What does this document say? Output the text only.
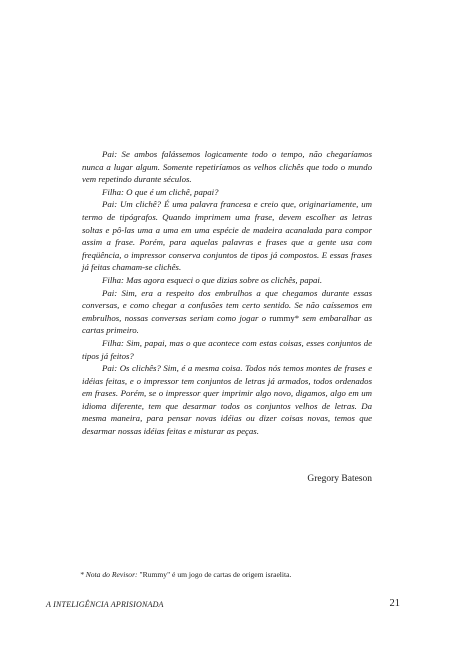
Pai: Se ambos falássemos logicamente todo o tempo, não chegaríamos nunca a lugar algum. Somente repetiríamos os velhos clichês que todo o mundo vem repetindo durante séculos.

Filha: O que é um clichê, papai?

Pai: Um clichê? É uma palavra francesa e creio que, originariamente, um termo de tipógrafos. Quando imprimem uma frase, devem escolher as letras soltas e pô-las uma a uma em uma espécie de madeira acanalada para compor assim a frase. Porém, para aquelas palavras e frases que a gente usa com freqüência, o impressor conserva conjuntos de tipos já compostos. E essas frases já feitas chamam-se clichês.

Filha: Mas agora esqueci o que dizias sobre os clichês, papai.

Pai: Sim, era a respeito dos embrulhos a que chegamos durante essas conversas, e como chegar a confusões tem certo sentido. Se não caíssemos em embrulhos, nossas conversas seriam como jogar o rummy* sem embaralhar as cartas primeiro.

Filha: Sim, papai, mas o que acontece com estas coisas, esses conjuntos de tipos já feitos?

Pai: Os clichês? Sim, é a mesma coisa. Todos nós temos montes de frases e idéias feitas, e o impressor tem conjuntos de letras já armados, todos ordenados em frases. Porém, se o impressor quer imprimir algo novo, digamos, algo em um idioma diferente, tem que desarmar todos os conjuntos velhos de letras. Da mesma maneira, para pensar novas idéias ou dizer coisas novas, temos que desarmar nossas idéias feitas e misturar as peças.

Gregory Bateson
* Nota do Revisor: "Rummy" é um jogo de cartas de origem israelita.
A INTELIGÊNCIA APRISIONADA	21
